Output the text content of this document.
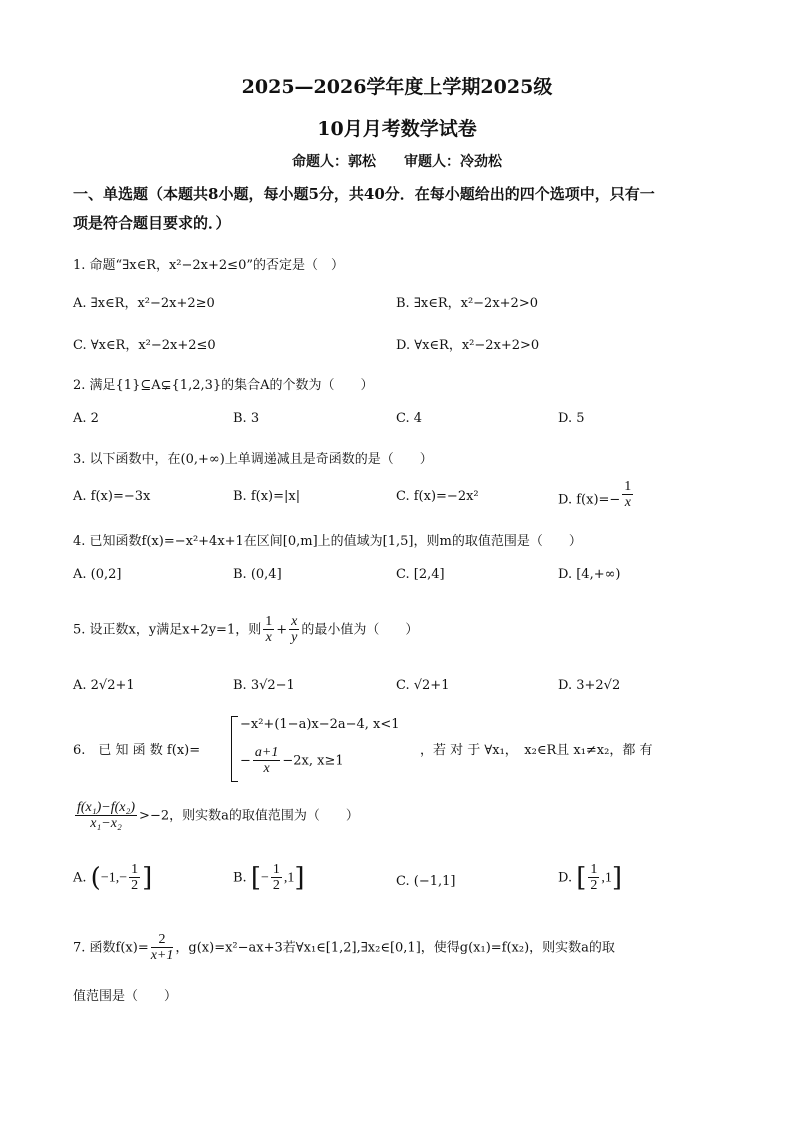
2025—2026学年度上学期2025级
10月月考数学试卷
命题人：郭松　　审题人：冷劲松
一、单选题（本题共8小题，每小题5分，共40分．在每小题给出的四个选项中，只有一
项是符合题目要求的．）
1. 命题“∃x∈R，x²−2x+2≤0”的否定是（　）
A. ∃x∈R，x²−2x+2≥0	B. ∃x∈R，x²−2x+2>0
C. ∀x∈R，x²−2x+2≤0	D. ∀x∈R，x²−2x+2>0
2. 满足{1}⊆A⊊{1,2,3}的集合A的个数为（　　）
A. 2	B. 3	C. 4	D. 5
3. 以下函数中，在(0,+∞)上单调递减且是奇函数的是（　　）
A. f(x)=−3x	B. f(x)=|x|	C. f(x)=−2x²	D. $f(x)=- \frac{1}{x}$
4. 已知函数f(x)=−x²+4x+1在区间[0,m]上的值域为[1,5]，则m的取值范围是（　　）
A. (0,2]	B. (0,4]	C. [2,4]	D. [4,+∞)
5. 设正数x，y满足x+2y=1，则 $\frac{1}{x} + \frac{x}{y}$ 的最小值为（　　）
A. 2√2+1	B. 3√2−1	C. √2+1	D. 3+2√2
6.　已 知 函 数 f(x)=
−x²+(1−a)x−2a−4, x<1
− $\frac{a+1}{x} -2x$, x≥1
，若 对 于 ∀x₁，　x₂∈R且 x₁≠x₂，都 有
$\frac{\text{f(x₁)−f(x₂)}}{\text{x₁−x₂}} >-2$，则实数a的取值范围为（　　）
A. ($-1,- \frac{1}{2}$ ]	B. [− $\frac{1}{2} ,1$]	C. (−1,1]	D. [ $\frac{1}{2} ,1$]
7. 函数$f(x)= \frac{2}{x+1}$ ，g(x)=x²−ax+3若∀x₁∈[1,2],∃x₂∈[0,1]，使得g(x₁)=f(x₂)，则实数a的取
值范围是（　　）
